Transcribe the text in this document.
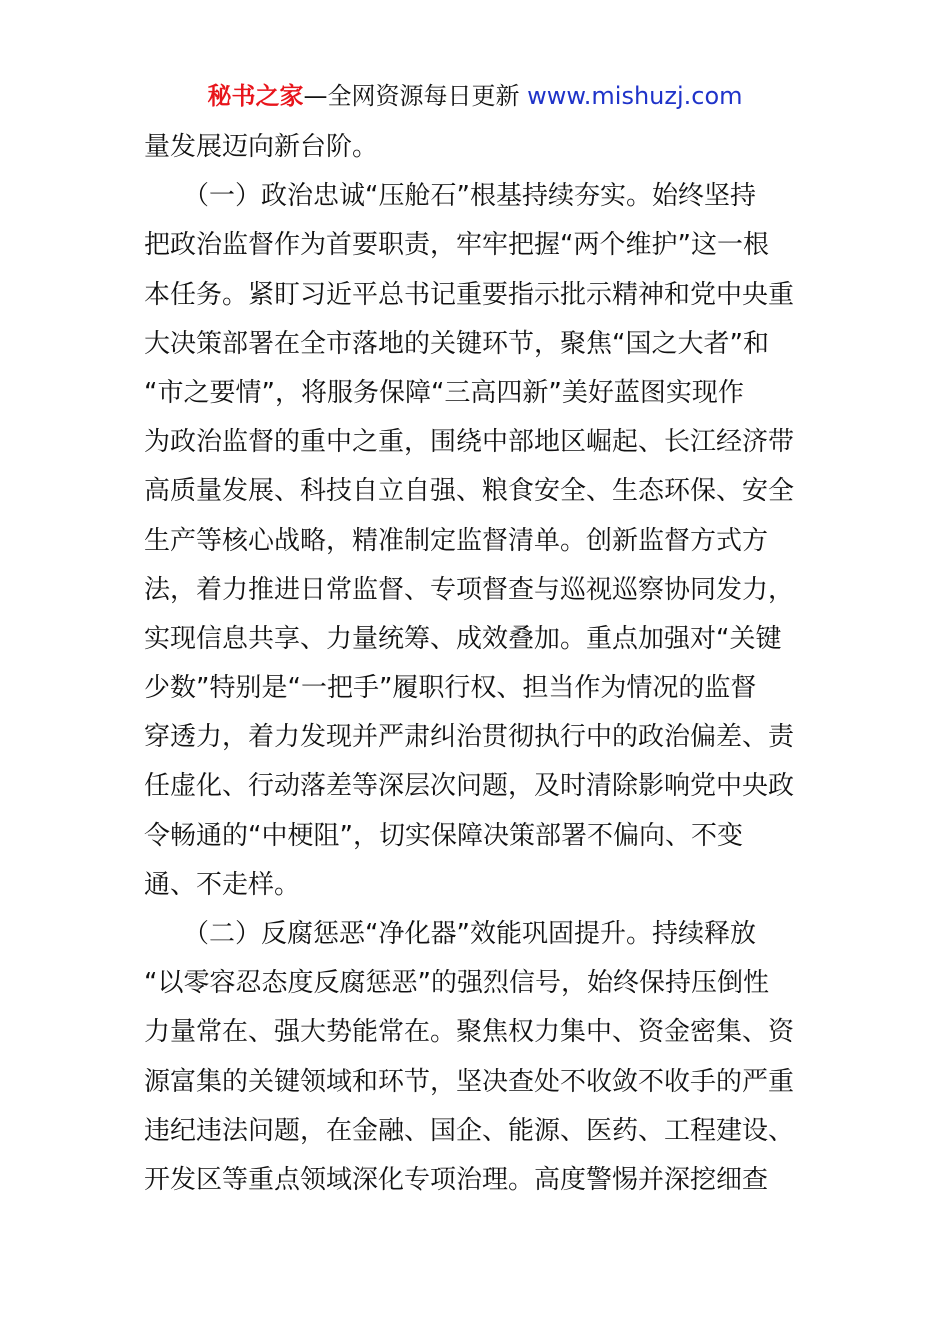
秘书之家—全网资源每日更新 www.mishuzj.com
量发展迈向新台阶。
　　（一）政治忠诚“压舱石”根基持续夯实。始终坚持
把政治监督作为首要职责，牢牢把握“两个维护”这一根
本任务。紧盯习近平总书记重要指示批示精神和党中央重
大决策部署在全市落地的关键环节，聚焦“国之大者”和
“市之要情”，将服务保障“三高四新”美好蓝图实现作
为政治监督的重中之重，围绕中部地区崛起、长江经济带
高质量发展、科技自立自强、粮食安全、生态环保、安全
生产等核心战略，精准制定监督清单。创新监督方式方
法，着力推进日常监督、专项督查与巡视巡察协同发力，
实现信息共享、力量统筹、成效叠加。重点加强对“关键
少数”特别是“一把手”履职行权、担当作为情况的监督
穿透力，着力发现并严肃纠治贯彻执行中的政治偏差、责
任虚化、行动落差等深层次问题，及时清除影响党中央政
令畅通的“中梗阻”，切实保障决策部署不偏向、不变
通、不走样。
　　（二）反腐惩恶“净化器”效能巩固提升。持续释放
“以零容忍态度反腐惩恶”的强烈信号，始终保持压倒性
力量常在、强大势能常在。聚焦权力集中、资金密集、资
源富集的关键领域和环节，坚决查处不收敛不收手的严重
违纪违法问题，在金融、国企、能源、医药、工程建设、
开发区等重点领域深化专项治理。高度警惕并深挖细查
